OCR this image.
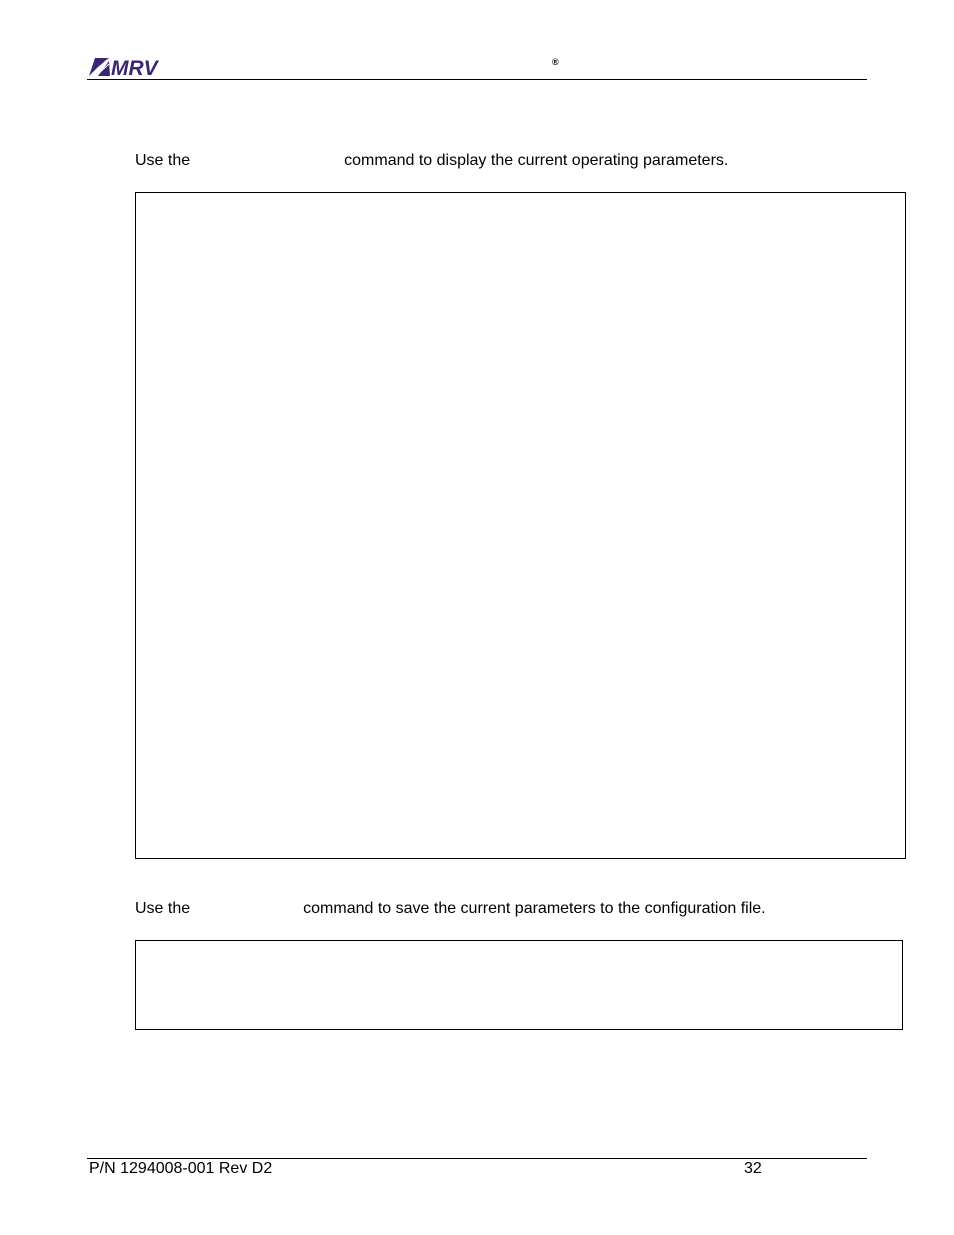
MRV	®
Use the	command to display the current operating parameters.
Use the	command to save the current parameters to the configuration file.
P/N 1294008-001 Rev D2	32
